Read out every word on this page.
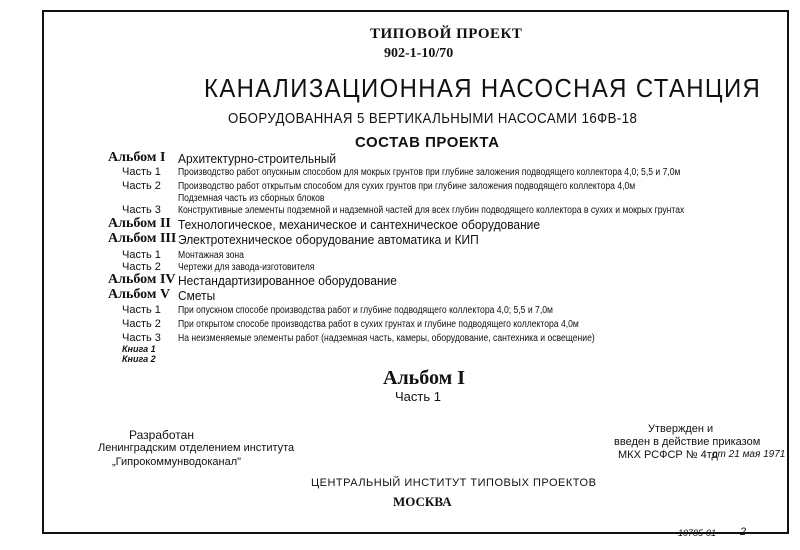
ТИПОВОЙ ПРОЕКТ
902-1-10/70
КАНАЛИЗАЦИОННАЯ НАСОСНАЯ СТАНЦИЯ
ОБОРУДОВАННАЯ 5 ВЕРТИКАЛЬНЫМИ НАСОСАМИ 16ФВ-18
СОСТАВ ПРОЕКТА
Альбом I Архитектурно-строительный
Часть 1 Производство работ опускным способом для мокрых грунтов при глубине заложения подводящего коллектора 4,0; 5,5 и 7,0м
Часть 2 Производство работ открытым способом для сухих грунтов при глубине заложения подводящего коллектора 4,0м
Подземная часть из сборных блоков
Часть 3 Конструктивные элементы подземной и надземной частей для всех глубин подводящего коллектора в сухих и мокрых грунтах
Альбом II Технологическое, механическое и сантехническое оборудование
Альбом III Электротехническое оборудование автоматика и КИП
Часть 1 Монтажная зона
Часть 2 Чертежи для завода-изготовителя
Альбом IV Нестандартизированное оборудование
Альбом V Сметы
Часть 1 При опускном способе производства работ и глубине подводящего коллектора 4,0; 5,5 и 7,0м
Часть 2 При открытом способе производства работ в сухих грунтах и глубине подводящего коллектора 4,0м
Часть 3 На неизменяемые элементы работ (надземная часть, камеры, оборудование, сантехника и освещение)
Книга 1
Книга 2
Альбом I
Часть 1
Разработан
Ленинградским отделением института
„Гипрокоммунводоканал"
Утвержден и
введен в действие приказом
МКХ РСФСР № 4тд
от 21 мая 1971
ЦЕНТРАЛЬНЫЙ ИНСТИТУТ ТИПОВЫХ ПРОЕКТОВ
МОСКВА
10785-01 2
